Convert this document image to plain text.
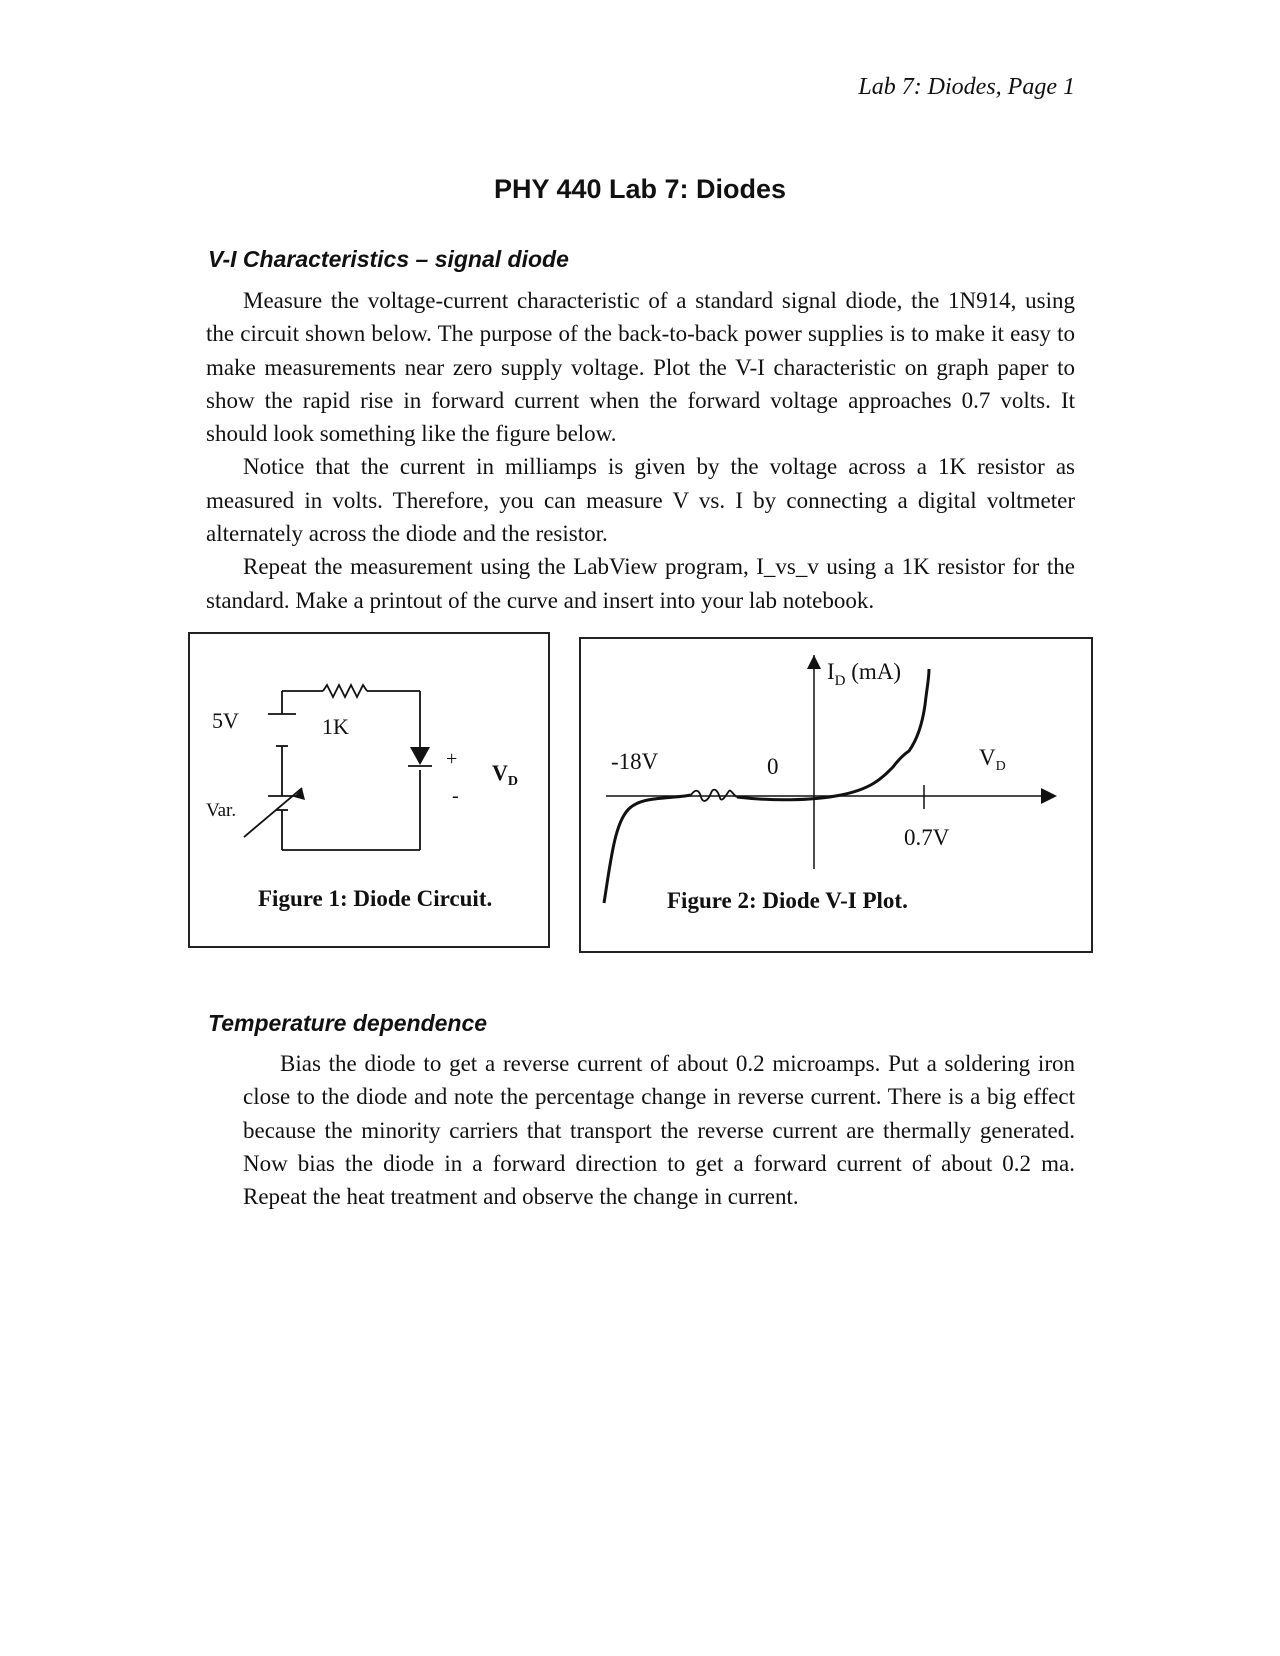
Lab 7: Diodes, Page 1
PHY 440 Lab 7: Diodes
V-I Characteristics – signal diode

Measure the voltage-current characteristic of a standard signal diode, the 1N914, using the circuit shown below. The purpose of the back-to-back power supplies is to make it easy to make measurements near zero supply voltage. Plot the V-I characteristic on graph paper to show the rapid rise in forward current when the forward voltage approaches 0.7 volts. It should look something like the figure below.

Notice that the current in milliamps is given by the voltage across a 1K resistor as measured in volts. Therefore, you can measure V vs. I by connecting a digital voltmeter alternately across the diode and the resistor.

Repeat the measurement using the LabView program, I_vs_v using a 1K resistor for the standard. Make a printout of the curve and insert into your lab notebook.

5V	1K
Var.
+
-
$V_D$
Figure 1: Diode Circuit.
$I_D$ (mA)
$V_D$
-18V	0
0.7V
Figure 2: Diode V-I Plot.
Temperature dependence

Bias the diode to get a reverse current of about 0.2 microamps. Put a soldering iron close to the diode and note the percentage change in reverse current. There is a big effect because the minority carriers that transport the reverse current are thermally generated. Now bias the diode in a forward direction to get a forward current of about 0.2 ma. Repeat the heat treatment and observe the change in current.
